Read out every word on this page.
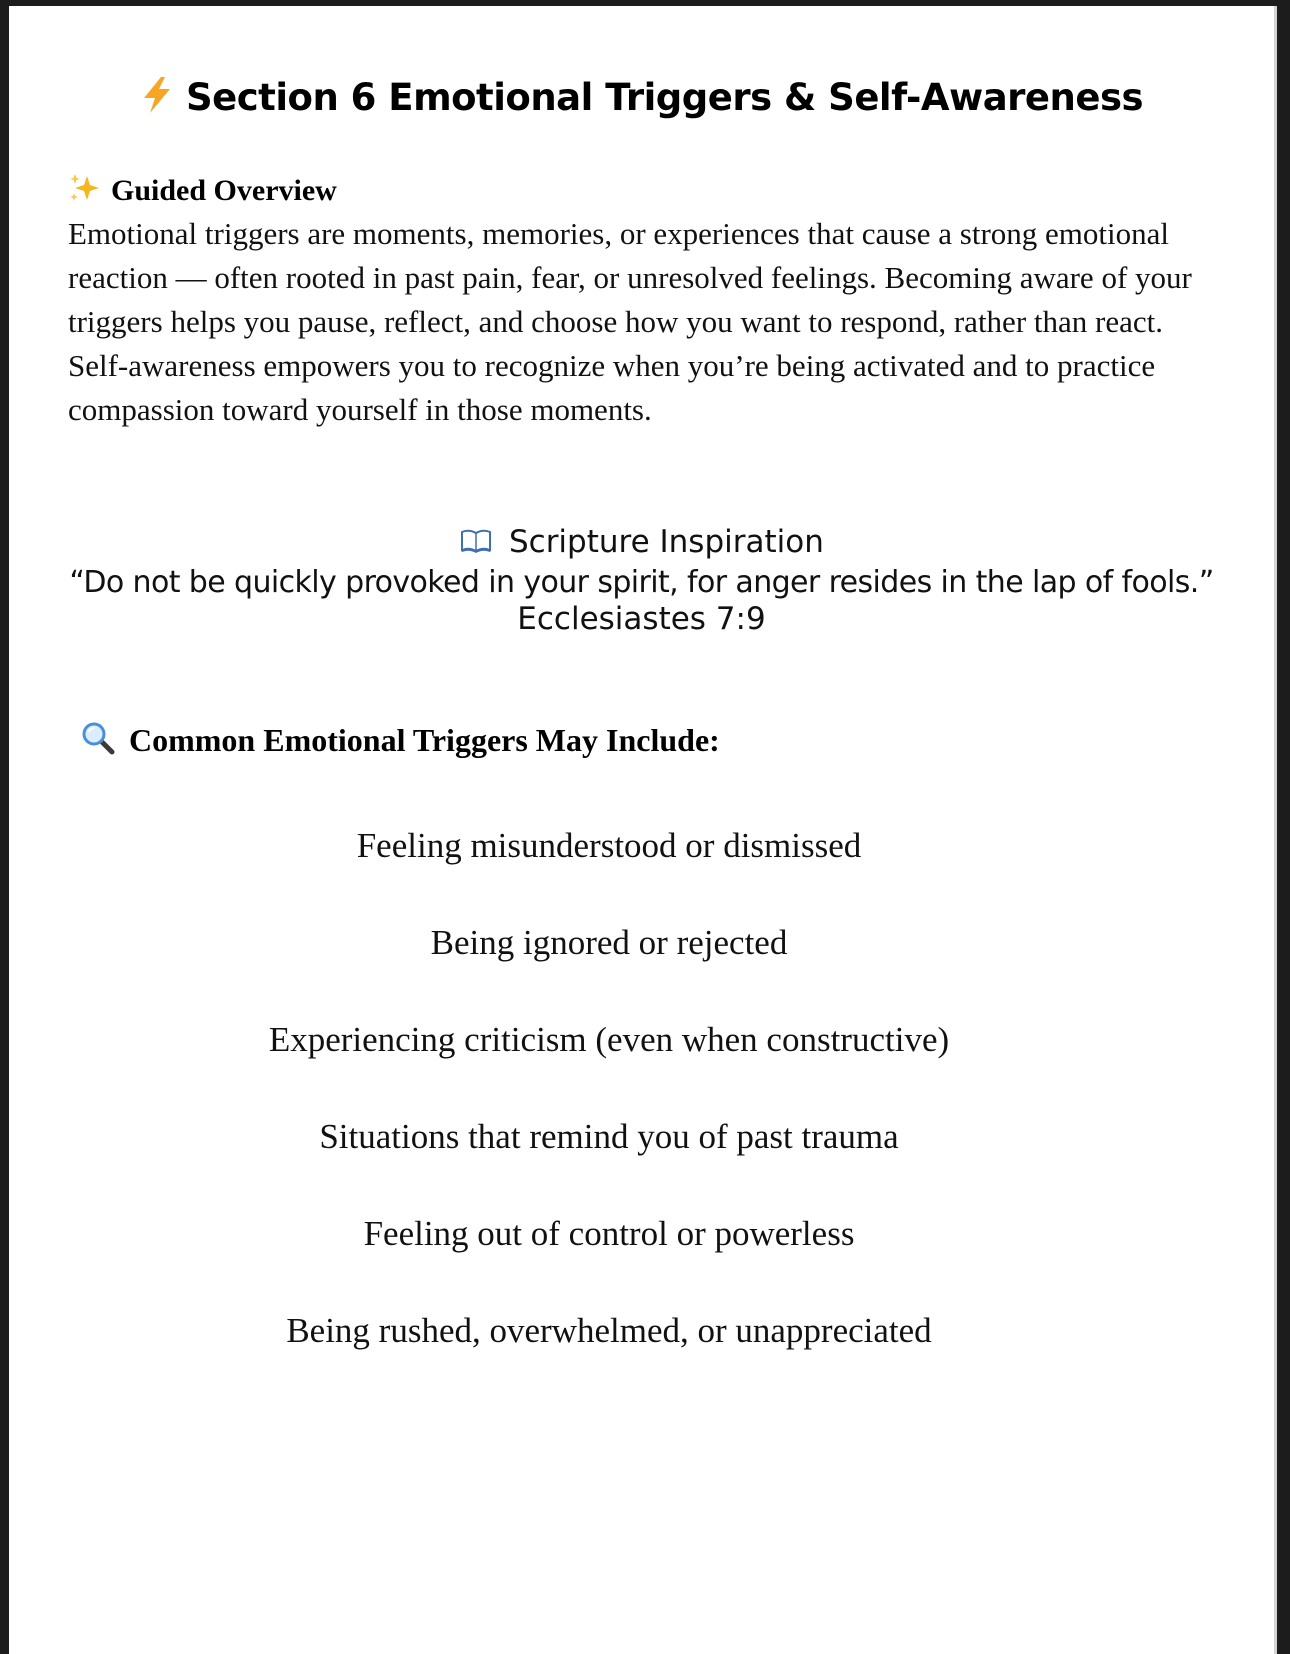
Section 6 Emotional Triggers & Self-Awareness
Guided Overview

Emotional triggers are moments, memories, or experiences that cause a strong emotional reaction — often rooted in past pain, fear, or unresolved feelings. Becoming aware of your triggers helps you pause, reflect, and choose how you want to respond, rather than react.

Self-awareness empowers you to recognize when you’re being activated and to practice compassion toward yourself in those moments.

Scripture Inspiration
“Do not be quickly provoked in your spirit, for anger resides in the lap of fools.”
Ecclesiastes 7:9
Common Emotional Triggers May Include:
Feeling misunderstood or dismissed
Being ignored or rejected
Experiencing criticism (even when constructive)
Situations that remind you of past trauma
Feeling out of control or powerless
Being rushed, overwhelmed, or unappreciated
